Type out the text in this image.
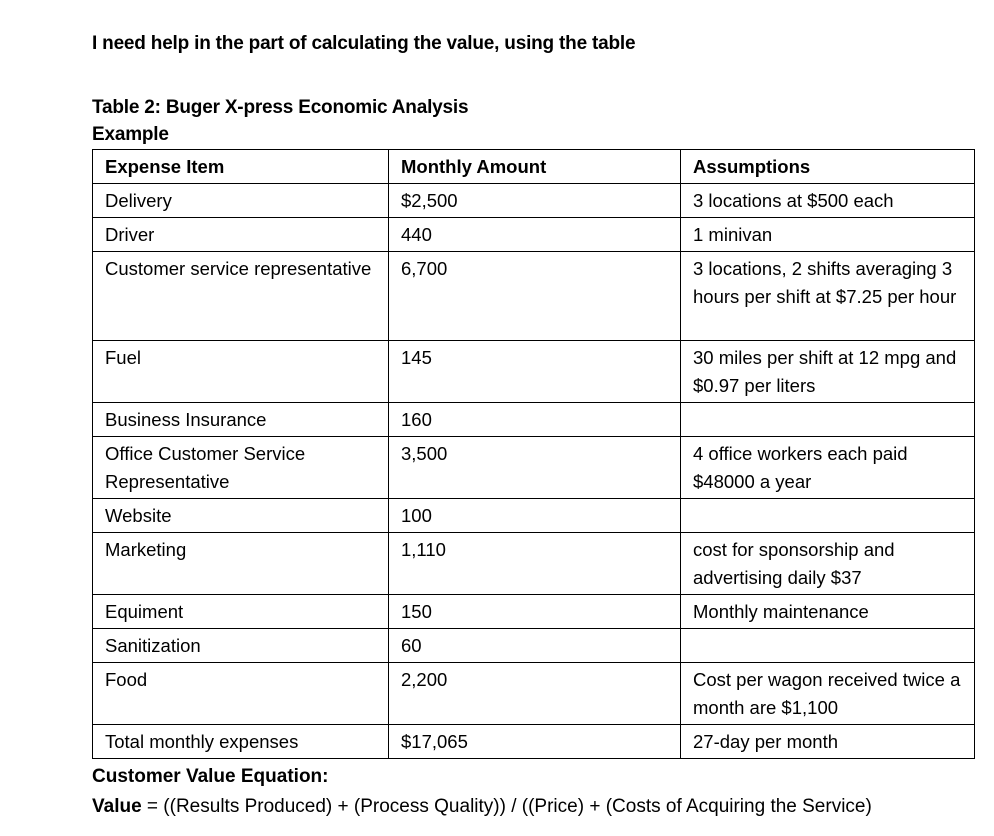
I need help in the part of calculating the value, using the table
Table 2: Buger X-press Economic Analysis
Example
Expense Item	Monthly Amount	Assumptions
Delivery	$2,500	3 locations at $500 each
Driver	440	1 minivan
Customer service representative	6,700	3 locations, 2 shifts averaging 3 hours per shift at $7.25 per hour
Fuel	145	30 miles per shift at 12 mpg and $0.97 per liters
Business Insurance	160	
Office Customer Service Representative	3,500	4 office workers each paid $48000 a year
Website	100	
Marketing	1,110	cost for sponsorship and advertising daily $37
Equiment	150	Monthly maintenance
Sanitization	60	
Food	2,200	Cost per wagon received twice a month are $1,100
Total monthly expenses	$17,065	27-day per month
Customer Value Equation:
Value = ((Results Produced) + (Process Quality)) / ((Price) + (Costs of Acquiring the Service)
